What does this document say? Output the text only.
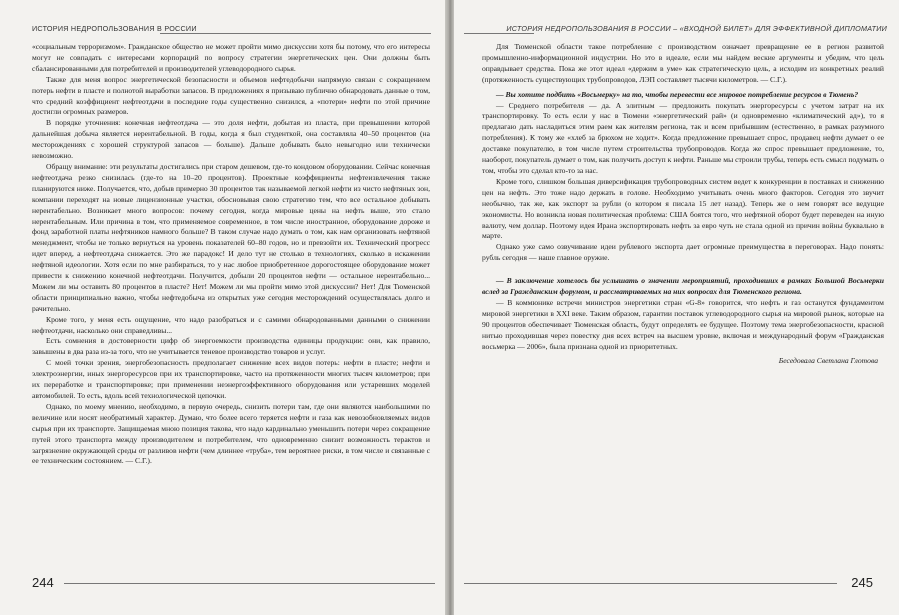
ИСТОРИЯ НЕДРОПОЛЬЗОВАНИЯ В РОССИИ

«социальным терроризмом». Гражданское общество не может пройти мимо дискуссии хотя бы потому, что его интересы могут не совпадать с интересами корпораций по вопросу стратегии энергетических цен. Они должны быть сбалансированными для потребителей и производителей углеводородного сырья.

Также для меня вопрос энергетической безопасности и объемов нефтедобычи напрямую связан с сокращением потерь нефти в пласте и полнотой выработки запасов. В предложениях я призываю публично обнародовать данные о том, что средний коэффициент нефтеотдачи в последние годы существенно снизился, а «потери» нефти по этой причине достигли огромных размеров.

В порядке уточнения: конечная нефтеотдача — это доля нефти, добытая из пласта, при превышении которой дальнейшая добыча является нерентабельной. В годы, когда я был студенткой, она составляла 40–50 процентов (на месторождениях с хорошей структурой запасов — больше). Дальше добывать было невыгодно или технически невозможно.

Обращу внимание: эти результаты достигались при старом дешевом, где-то кондовом оборудовании. Сейчас конечная нефтеотдача резко снизилась (где-то на 10–20 процентов). Проектные коэффициенты нефтеизвлечения также планируются ниже. Получается, что, добыв примерно 30 процентов так называемой легкой нефти из чисто нефтяных зон, компании переходят на новые лицензионные участки, обосновывая свою стратегию тем, что все остальное добывать нерентабельно. Возникает много вопросов: почему сегодня, когда мировые цены на нефть выше, это стало нерентабельным. Или причина в том, что применяемое современное, в том числе иностранное, оборудование дороже и фонд заработной платы нефтяников намного больше? В таком случае надо думать о том, как нам организовать нефтяной менеджмент, чтобы не только вернуться на уровень показателей 60–80 годов, но и превзойти их. Технический прогресс идет вперед, а нефтеотдача снижается. Это же парадокс! И дело тут не столько в технологиях, сколько в искажении нефтяной идеологии. Хотя если по мне разбираться, то у нас любое приобретенное дорогостоящее оборудование может привести к снижению конечной нефтеотдачи. Получится, добыли 20 процентов нефти — остальное нерентабельно... Можем ли мы оставить 80 процентов в пласте? Нет! Можем ли мы пройти мимо этой дискуссии? Нет! Для Тюменской области принципиально важно, чтобы нефтедобыча из открытых уже сегодня месторождений осуществлялась долго и рачительно.

Кроме того, у меня есть ощущение, что надо разобраться и с самими обнародованными данными о снижении нефтеотдачи, насколько они справедливы...

Есть сомнения в достоверности цифр об энергоемкости производства единицы продукции: они, как правило, завышены в два раза из-за того, что не учитывается теневое производство товаров и услуг.

С моей точки зрения, энергобезопасность предполагает снижение всех видов потерь: нефти в пласте; нефти и электроэнергии, иных энергоресурсов при их транспортировке, часто на протяженности многих тысяч километров; при их переработке и транспортировке; при применении неэнергоэффективного оборудования или устаревших моделей автомобилей. То есть, вдоль всей технологической цепочки.

Однако, по моему мнению, необходимо, в первую очередь, снизить потери там, где они являются наибольшими по величине или носят необратимый характер. Думаю, что более всего теряется нефти и газа как невозобновляемых видов сырья при их транспорте. Защищаемая мною позиция такова, что надо кардинально уменьшить потери через сокращение путей этого транспорта между производителем и потребителем, что одновременно снизит возможность терактов и загрязнение окружающей среды от разливов нефти (чем длиннее «труба», тем вероятнее риски, в том числе и связанные с ее техническим состоянием. — С.Г.).

244
ИСТОРИЯ НЕДРОПОЛЬЗОВАНИЯ В РОССИИ – «ВХОДНОЙ БИЛЕТ» ДЛЯ ЭФФЕКТИВНОЙ ДИПЛОМАТИИ

Для Тюменской области такое потребление с производством означает превращение ее в регион развитой промышленно-информационной индустрии. Но это в идеале, если мы найдем веские аргументы и убедим, что цель оправдывает средства. Пока же этот идеал «держим в уме» как стратегическую цель, а исходим из конкретных реалий (протяженность существующих трубопроводов, ЛЭП составляет тысячи километров. — С.Г.).

— Вы хотите подбить «Восьмерку» на то, чтобы перевести все мировое потребление ресурсов в Тюмень?

— Среднего потребителя — да. А элитным — предложить покупать энергоресурсы с учетом затрат на их транспортировку. То есть если у нас в Тюмени «энергетический рай» (и одновременно «климатический ад»), то я предлагаю дать насладиться этим раем как жителям региона, так и всем прибывшим (естественно, в рамках разумного потребления). К тому же «хлеб за брюхом не ходит». Когда предложение превышает спрос, продавец нефти думает о ее доставке покупателю, в том числе путем строительства трубопроводов. Когда же спрос превышает предложение, то, наоборот, покупатель думает о том, как получить доступ к нефти. Раньше мы строили трубы, теперь есть смысл подумать о том, чтобы это сделал кто-то за нас.

Кроме того, слишком большая диверсификация трубопроводных систем ведет к конкуренции в поставках и снижению цен на нефть. Это тоже надо держать в голове. Необходимо учитывать очень много факторов. Сегодня это звучит необычно, так же, как экспорт за рубли (о котором я писала 15 лет назад). Теперь же о нем говорят все ведущие экономисты. Но возникла новая политическая проблема: США боятся того, что нефтяной оборот будет переведен на иную валюту, чем доллар. Поэтому идея Ирана экспортировать нефть за евро чуть не стала одной из причин войны буквально в марте.

Однако уже само озвучивание идеи рублевого экспорта дает огромные преимущества в переговорах. Надо понять: рубль сегодня — наше главное оружие.

— В заключение хотелось бы услышать о значении мероприятий, проходившиx в рамках Большой Восьмерки вслед за Гражданским форумом, и рассматриваемых на них вопросах для Тюменского региона.

— В коммюнике встречи министров энергетики стран «G-8» говорится, что нефть и газ останутся фундаментом мировой энергетики в XXI веке. Таким образом, гарантии поставок углеводородного сырья на мировой рынок, которые на 90 процентов обеспечивает Тюменская область, будут определять ее будущее. Поэтому тема энергобезопасности, красной нитью проходившая через повестку дня всех встреч на высшем уровне, включая и международный форум «Гражданская восьмерка — 2006», была признана одной из приоритетных.

Беседовала Светлана Глотова

245
